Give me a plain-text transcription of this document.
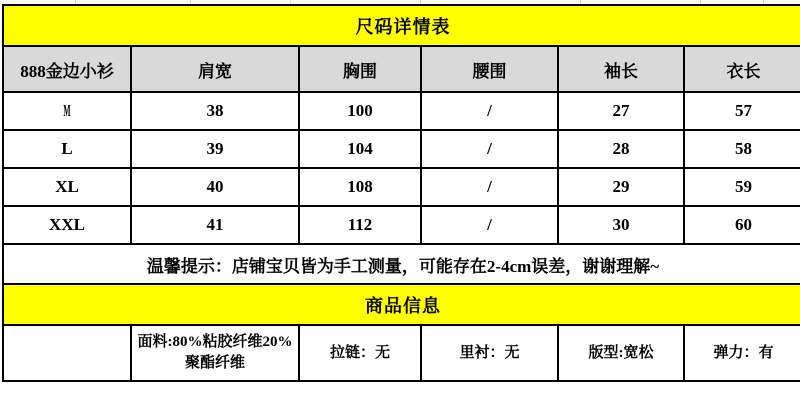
尺码详情表					
888金边小衫	肩宽	胸围	腰围	袖长	衣长
M	38	100	/	27	57
L	39	104	/	28	58
XL	40	108	/	29	59
XXL	41	112	/	30	60
温馨提示：店铺宝贝皆为手工测量，可能存在2-4cm误差，谢谢理解~					
商品信息					
	面料:80%粘胶纤维20%聚酯纤维	拉链：无	里衬：无	版型:宽松	弹力：有
